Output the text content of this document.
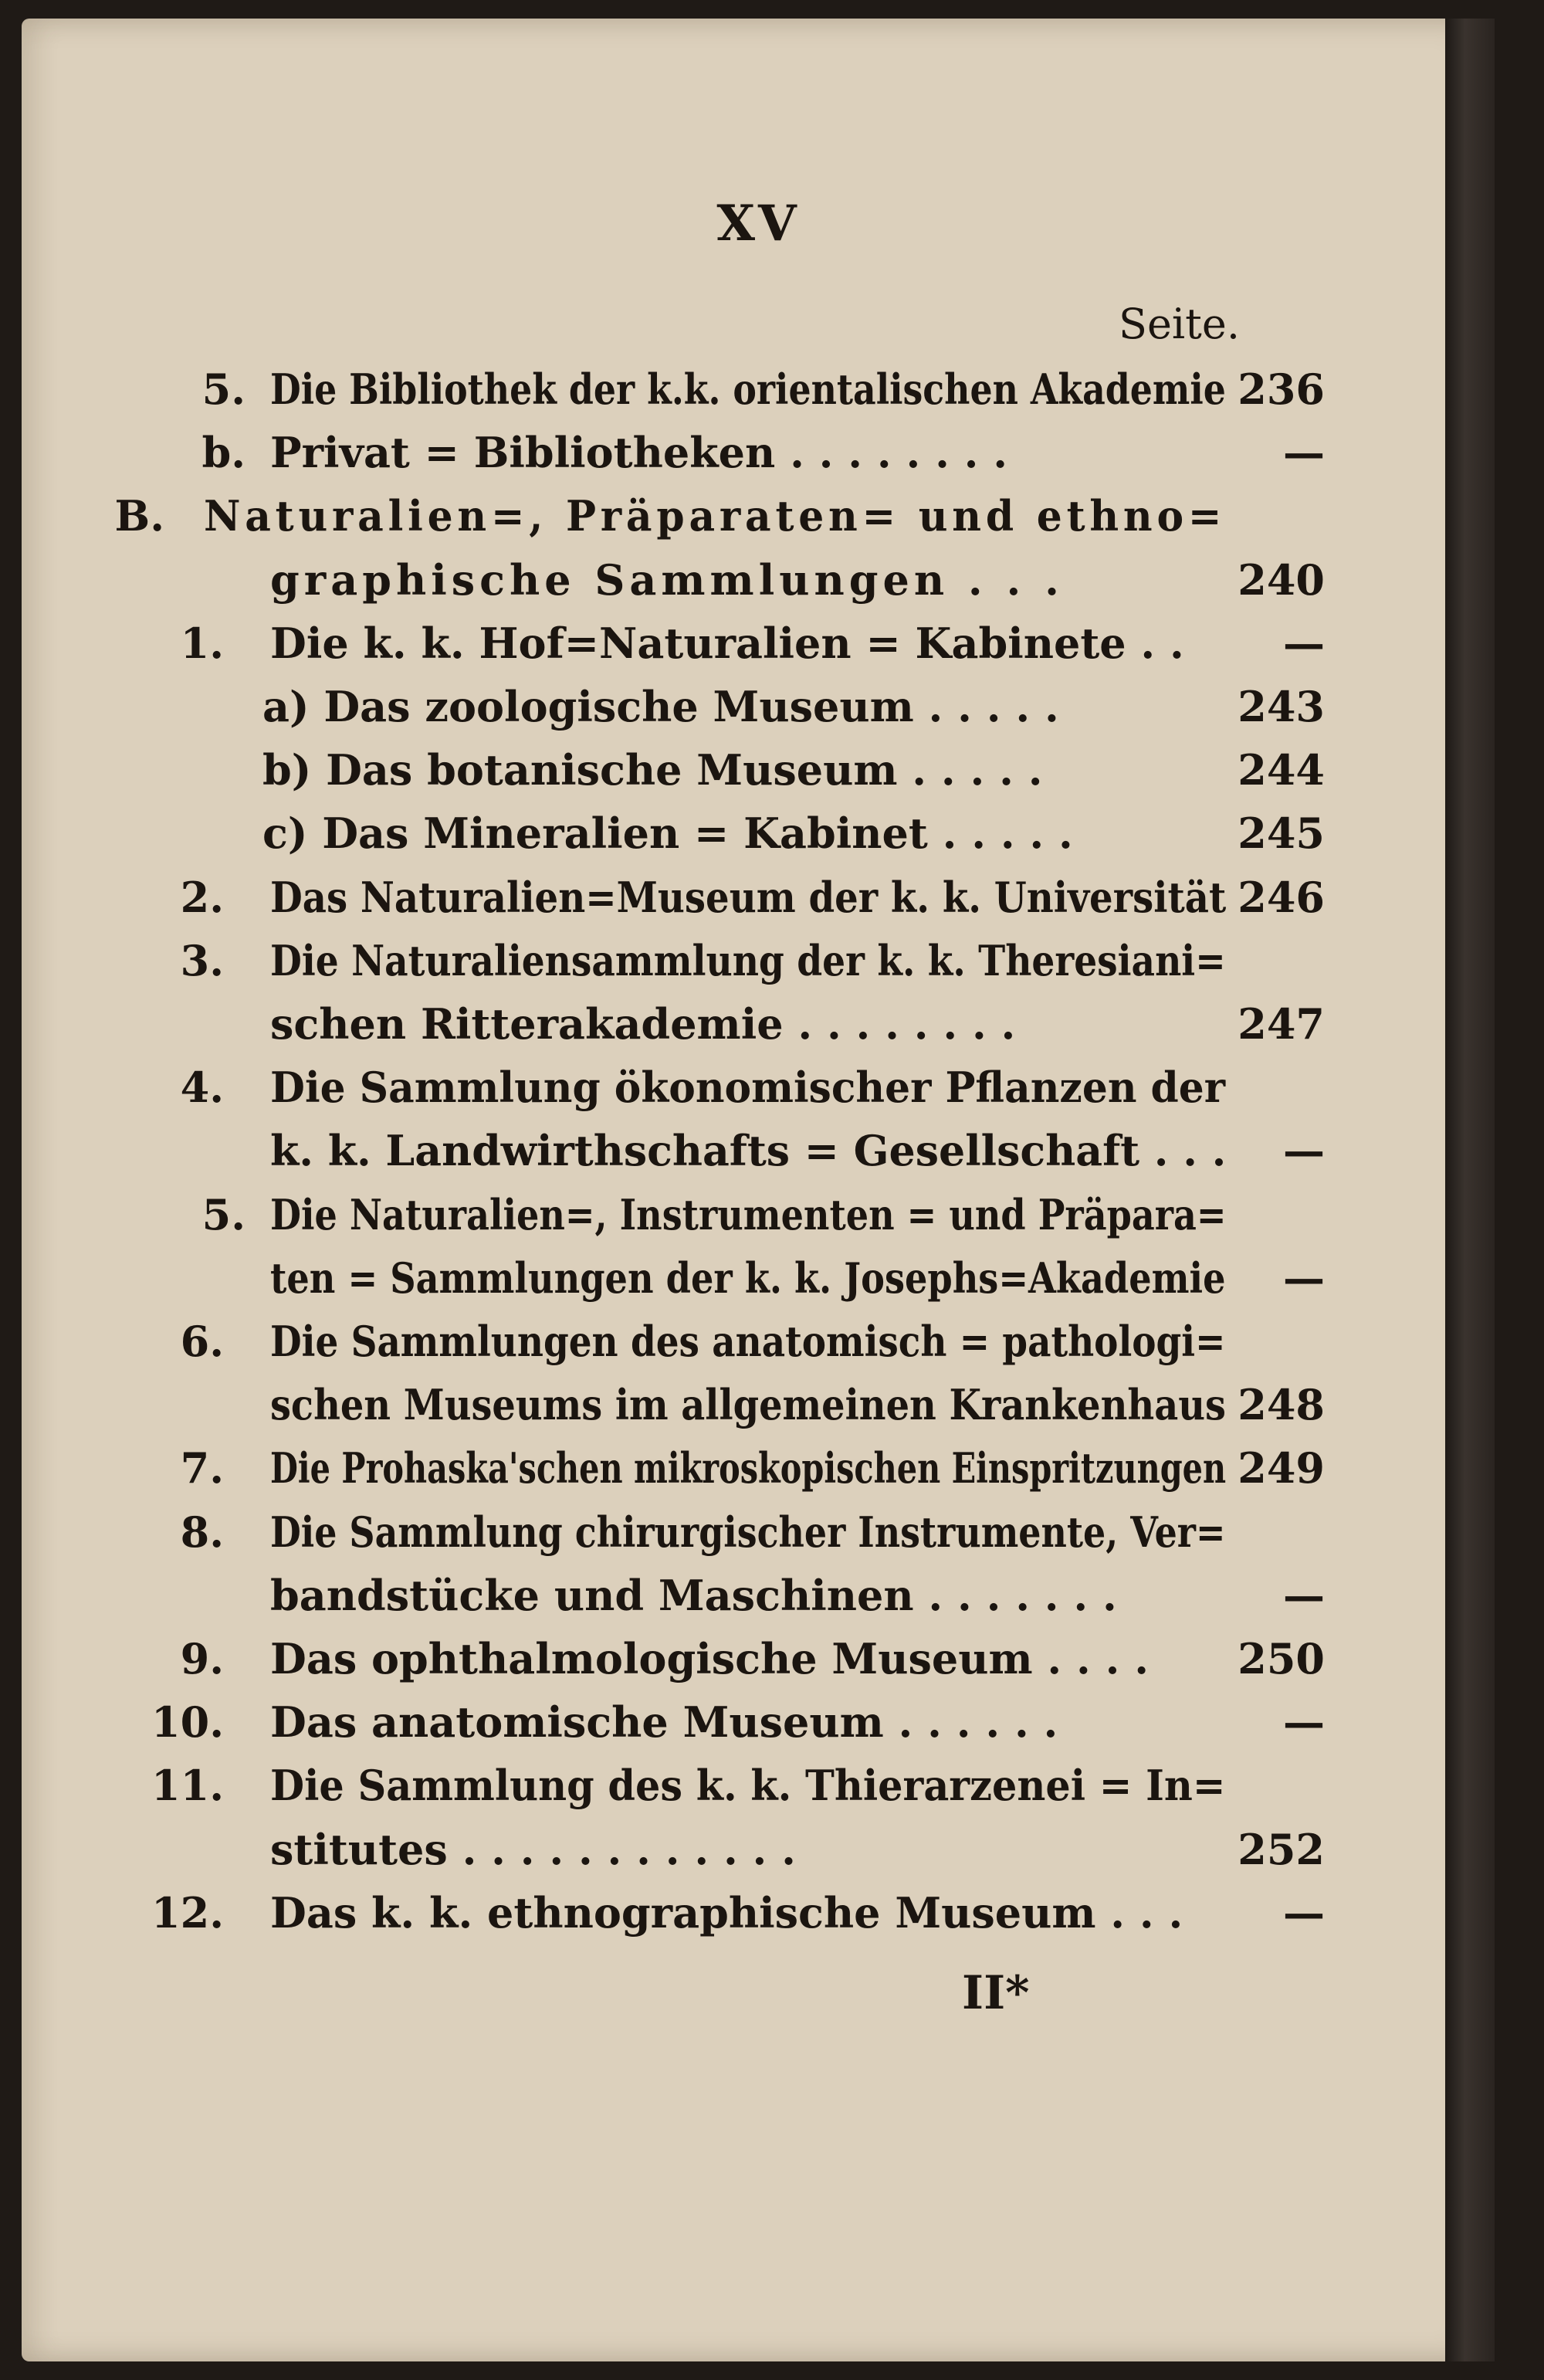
XV
Seite.
5. Die Bibliothek der k.k. orientalischen Akademie 236
b. Privat = Bibliotheken . . . . . . . .	—
B. Naturalien=, Präparaten= und ethno=
graphische Sammlungen . . .	240
1. Die k. k. Hof=Naturalien = Kabinete . .	—
a) Das zoologische Museum . . . . .	243
b) Das botanische Museum . . . . .	244
c) Das Mineralien = Kabinet . . . . .	245
2. Das Naturalien=Museum der k. k. Universität 246
3. Die Naturaliensammlung der k. k. Theresiani=
schen Ritterakademie . . . . . . . .	247
4. Die Sammlung ökonomischer Pflanzen der
k. k. Landwirthschafts = Gesellschaft . . .	—
5. Die Naturalien=, Instrumenten = und Präpara=
ten = Sammlungen der k. k. Josephs=Akademie	—
6. Die Sammlungen des anatomisch = pathologi=
schen Museums im allgemeinen Krankenhaus 248
7. Die Prohaska'schen mikroskopischen Einspritzungen 249
8. Die Sammlung chirurgischer Instrumente, Ver=
bandstücke und Maschinen . . . . . . .	—
9. Das ophthalmologische Museum . . . . 250
10. Das anatomische Museum . . . . . .	—
11. Die Sammlung des k. k. Thierarzenei = In=
stitutes . . . . . . . . . . . .	252
12. Das k. k. ethnographische Museum . . .	—
II*
